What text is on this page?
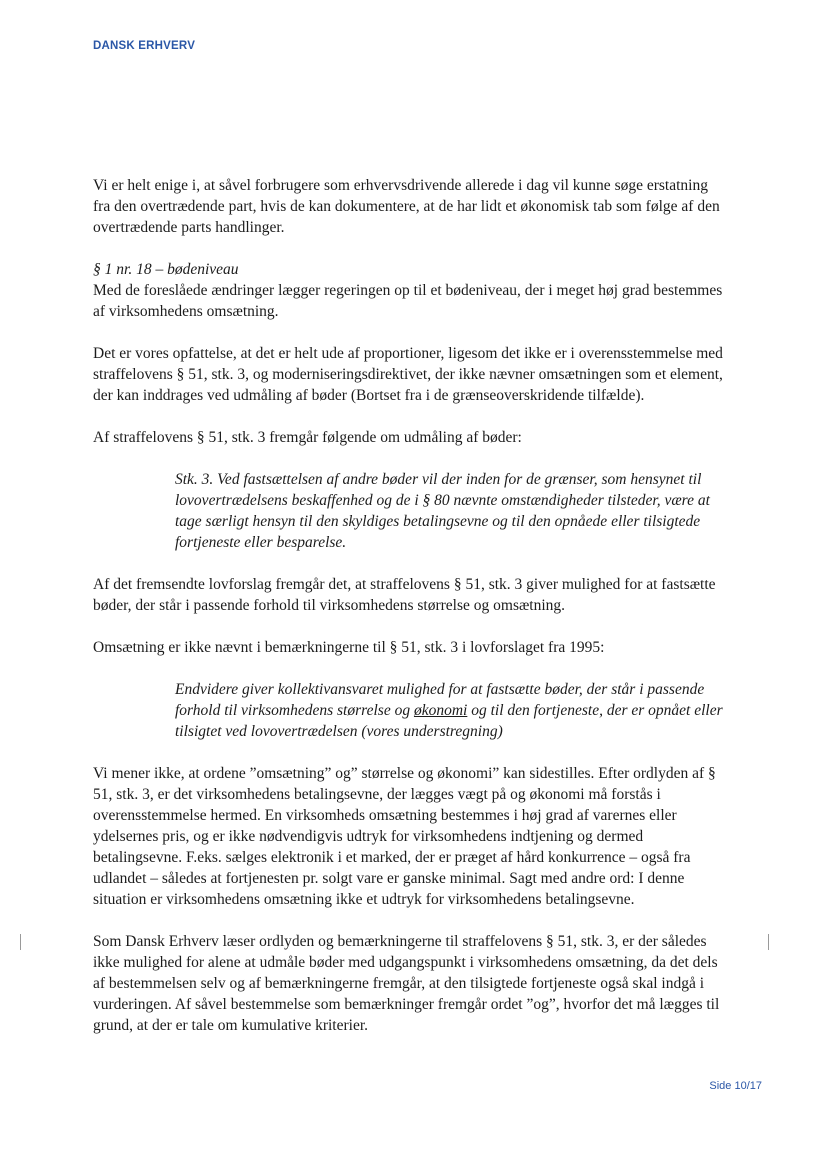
DANSK ERHVERV

Vi er helt enige i, at såvel forbrugere som erhvervsdrivende allerede i dag vil kunne søge erstatning fra den overtrædende part, hvis de kan dokumentere, at de har lidt et økonomisk tab som følge af den overtrædende parts handlinger.

§ 1 nr. 18 – bødeniveau

Med de foreslåede ændringer lægger regeringen op til et bødeniveau, der i meget høj grad bestemmes af virksomhedens omsætning.

Det er vores opfattelse, at det er helt ude af proportioner, ligesom det ikke er i overensstemmelse med straffelovens § 51, stk. 3, og moderniseringsdirektivet, der ikke nævner omsætningen som et element, der kan inddrages ved udmåling af bøder (Bortset fra i de grænseoverskridende tilfælde).

Af straffelovens § 51, stk. 3 fremgår følgende om udmåling af bøder:

Stk. 3. Ved fastsættelsen af andre bøder vil der inden for de grænser, som hensynet til lovovertrædelsens beskaffenhed og de i § 80 nævnte omstændigheder tilsteder, være at tage særligt hensyn til den skyldiges betalingsevne og til den opnåede eller tilsigtede fortjeneste eller besparelse.

Af det fremsendte lovforslag fremgår det, at straffelovens § 51, stk. 3 giver mulighed for at fastsætte bøder, der står i passende forhold til virksomhedens størrelse og omsætning.

Omsætning er ikke nævnt i bemærkningerne til § 51, stk. 3 i lovforslaget fra 1995:

Endvidere giver kollektivansvaret mulighed for at fastsætte bøder, der står i passende forhold til virksomhedens størrelse og økonomi og til den fortjeneste, der er opnået eller tilsigtet ved lovovertrædelsen (vores understregning)

Vi mener ikke, at ordene ”omsætning” og” størrelse og økonomi” kan sidestilles. Efter ordlyden af § 51, stk. 3, er det virksomhedens betalingsevne, der lægges vægt på og økonomi må forstås i overensstemmelse hermed. En virksomheds omsætning bestemmes i høj grad af varernes eller ydelsernes pris, og er ikke nødvendigvis udtryk for virksomhedens indtjening og dermed betalingsevne. F.eks. sælges elektronik i et marked, der er præget af hård konkurrence – også fra udlandet – således at fortjenesten pr. solgt vare er ganske minimal. Sagt med andre ord: I denne situation er virksomhedens omsætning ikke et udtryk for virksomhedens betalingsevne.

Som Dansk Erhverv læser ordlyden og bemærkningerne til straffelovens § 51, stk. 3, er der således ikke mulighed for alene at udmåle bøder med udgangspunkt i virksomhedens omsætning, da det dels af bestemmelsen selv og af bemærkningerne fremgår, at den tilsigtede fortjeneste også skal indgå i vurderingen. Af såvel bestemmelse som bemærkninger fremgår ordet ”og”, hvorfor det må lægges til grund, at der er tale om kumulative kriterier.

Side 10/17
